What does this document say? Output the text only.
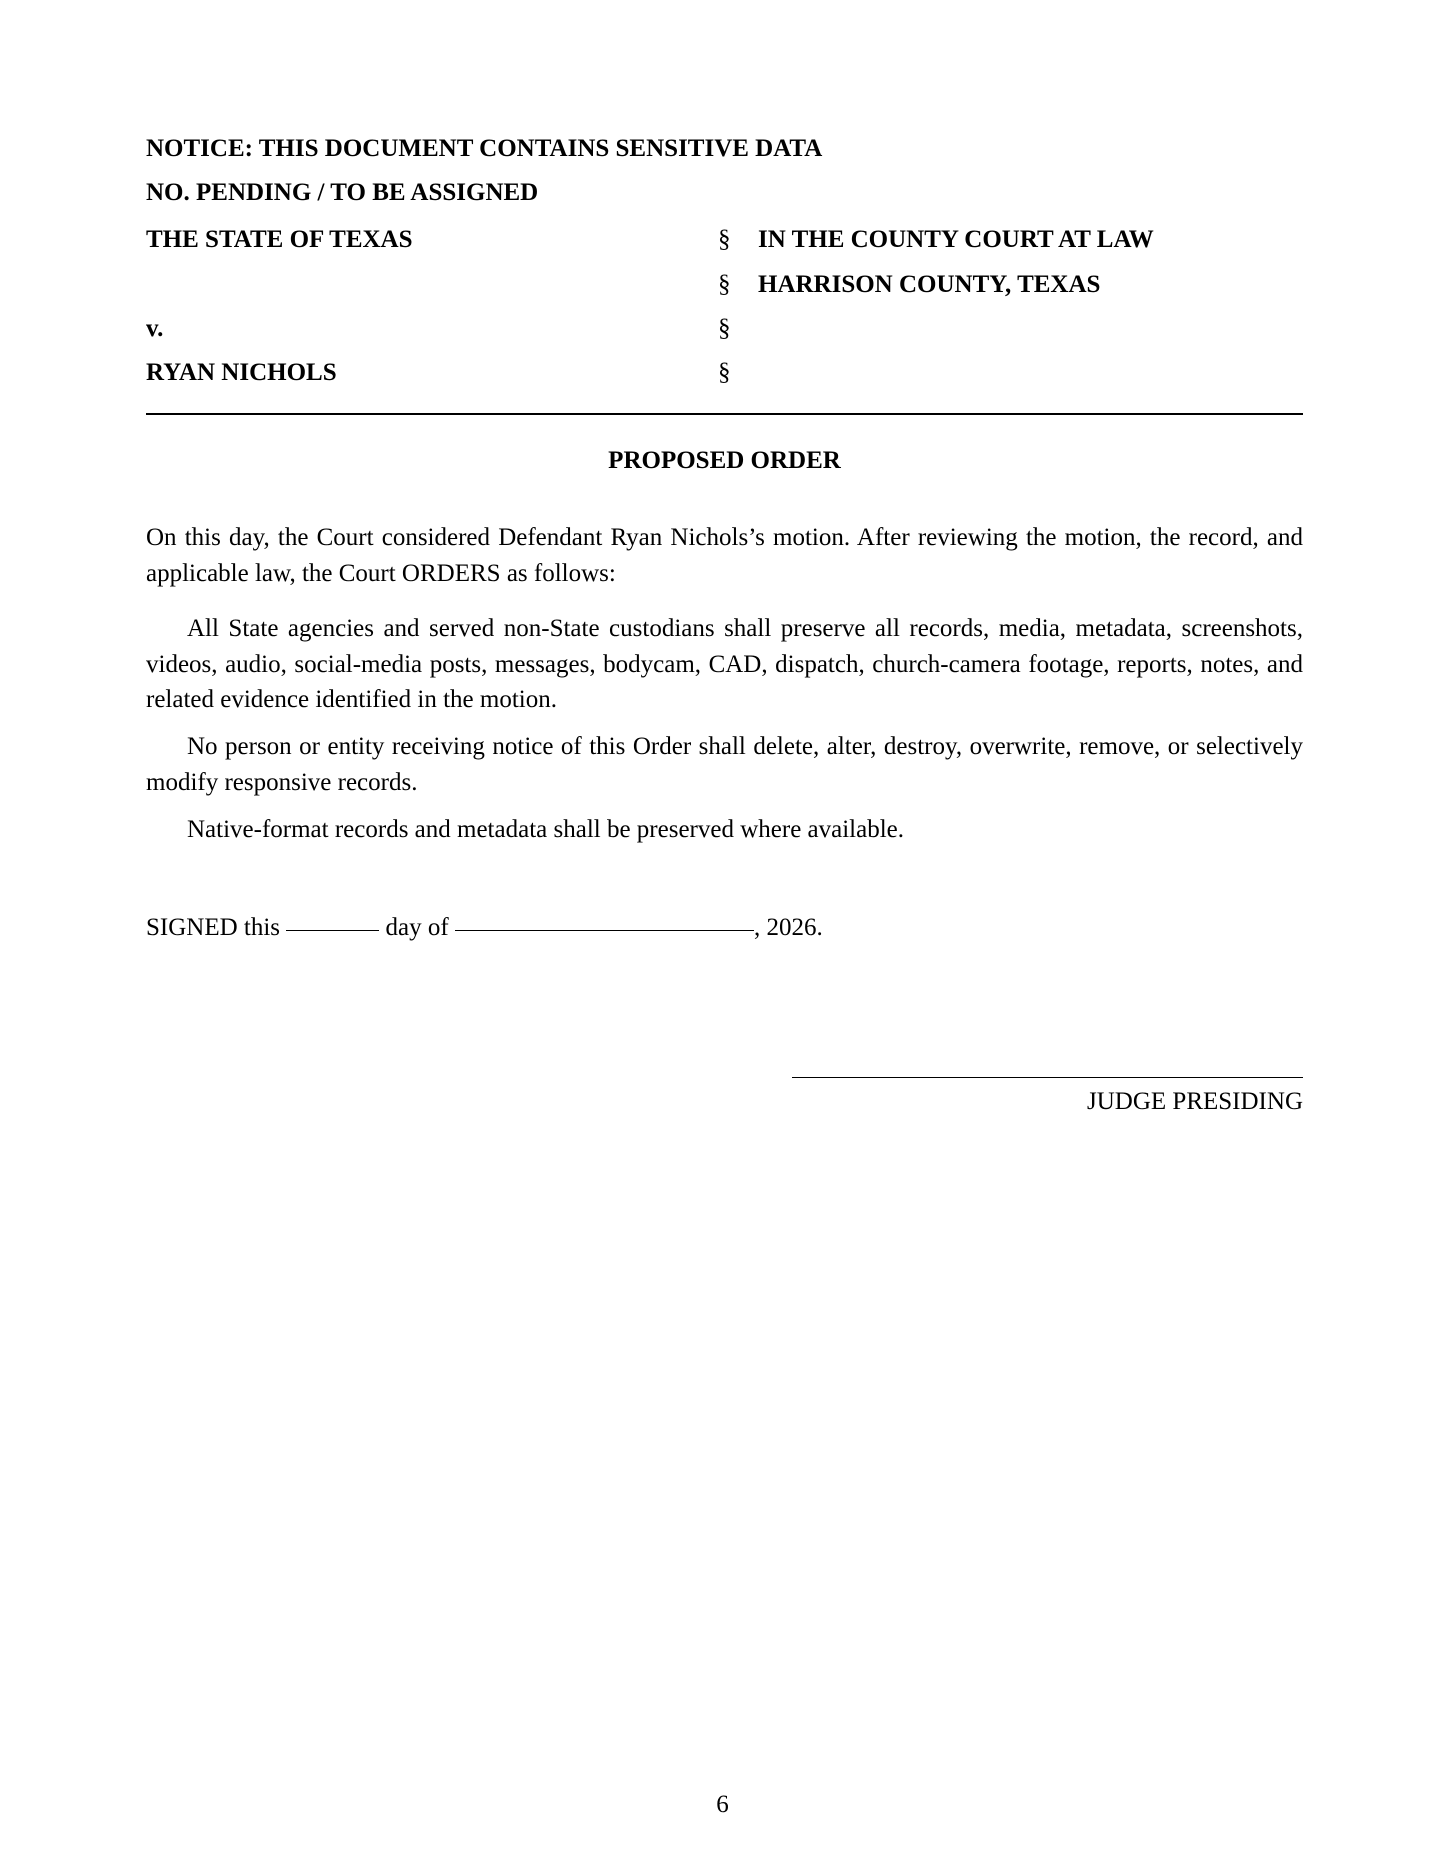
NOTICE: THIS DOCUMENT CONTAINS SENSITIVE DATA
NO. PENDING / TO BE ASSIGNED
THE STATE OF TEXAS
v.
RYAN NICHOLS
§
§
§
§
IN THE COUNTY COURT AT LAW
HARRISON COUNTY, TEXAS
PROPOSED ORDER
On this day, the Court considered Defendant Ryan Nichols’s motion. After reviewing the motion, the record, and applicable law, the Court ORDERS as follows:
All State agencies and served non-State custodians shall preserve all records, media, metadata, screenshots, videos, audio, social-media posts, messages, bodycam, CAD, dispatch, church-camera footage, reports, notes, and related evidence identified in the motion.
No person or entity receiving notice of this Order shall delete, alter, destroy, overwrite, remove, or selectively modify responsive records.
Native-format records and metadata shall be preserved where available.
SIGNED this	day of	, 2026.
JUDGE PRESIDING
6
